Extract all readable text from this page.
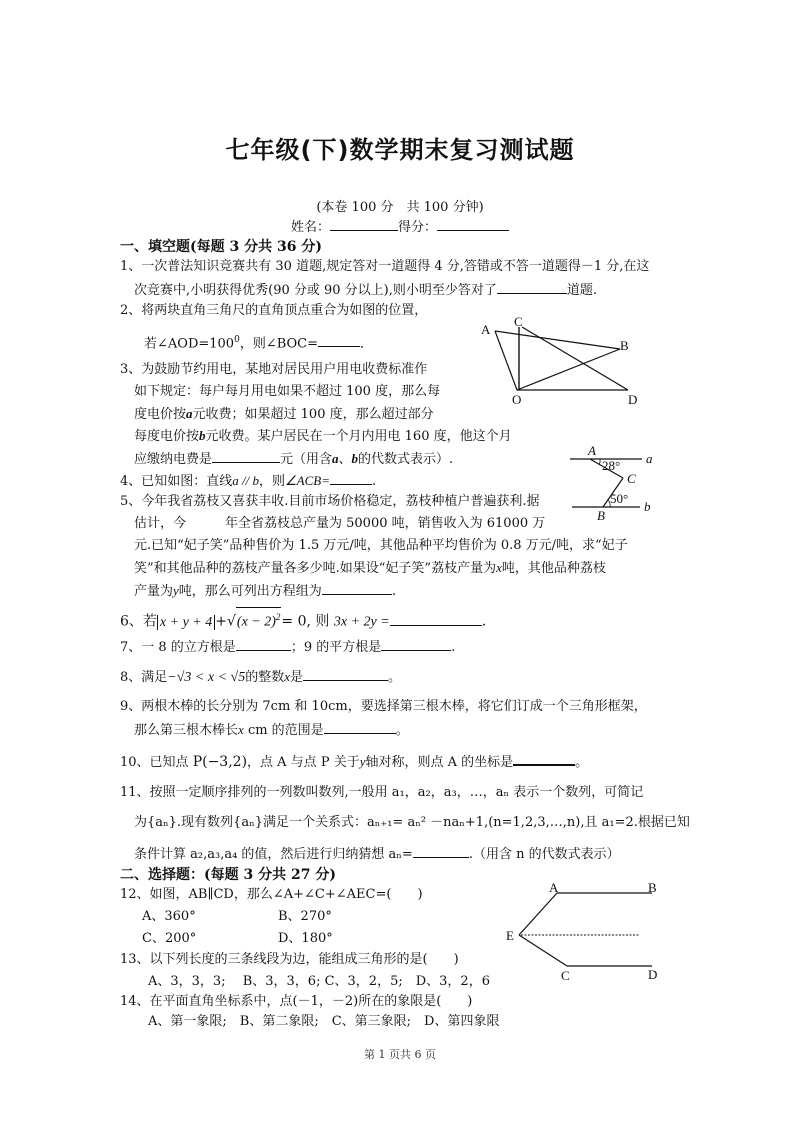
七年级(下)数学期末复习测试题
(本卷 100 分　共 100 分钟)
姓名：	得分：
一、填空题(每题 3 分共 36 分)
1、一次普法知识竞赛共有 30 道题,规定答对一道题得 4 分,答错或不答一道题得－1 分,在这
次竞赛中,小明获得优秀(90 分或 90 分以上),则小明至少答对了	道题.
2、将两块直角三角尺的直角顶点重合为如图的位置，
若$\angle AOD=100^0$，则∠BOC=	．
A
C
B
O	D
3、为鼓励节约用电，某地对居民用户用电收费标准作
如下规定：每户每月用电如果不超过 100 度，那么每
度电价按a元收费；如果超过 100 度，那么超过部分
每度电价按b元收费。某户居民在一个月内用电 160 度，他这个月
应缴纳电费是	元（用含a、b的代数式表示）.
4、已知如图：直线a // b，则∠ACB=	.
A
28° a
C
50°
b
B
5、今年我省荔枝又喜获丰收.目前市场价格稳定，荔枝种植户普遍获利.据
估计，今　　　年全省荔枝总产量为 50000 吨，销售收入为 61000 万
元.已知“妃子笑”品种售价为 1.5 万元/吨，其他品种平均售价为 0.8 万元/吨，求“妃子
笑”和其他品种的荔枝产量各多少吨.如果设“妃子笑”荔枝产量为x吨，其他品种荔枝
产量为y吨，那么可列出方程组为	.
6、若 $x + y + 4 +√(x - 2)^2= 0$, 则 3x + 2y =	.
7、一 8 的立方根是	；9 的平方根是	.
8、满足−√3 < x < √5的整数x是	。
9、两根木棒的长分别为 7cm 和 10cm，要选择第三根木棒，将它们订成一个三角形框架，
那么第三根木棒长x cm 的范围是	。
10、已知点 P(−3,2)，点 A 与点 P 关于y轴对称，则点 A 的坐标是	。
11、按照一定顺序排列的一列数叫数列,一般用 a₁，a₂，a₃，…，aₙ 表示一个数列，可简记
为{aₙ}.现有数列{aₙ}满足一个关系式：aₙ₊₁= aₙ² －naₙ+1,(n=1,2,3,…,n),且 a₁=2.根据已知
条件计算 a₂,a₃,a₄ 的值，然后进行归纳猜想 aₙ=	.（用含 n 的代数式表示）
二、选择题：(每题 3 分共 27 分)
12、如图，AB∥CD，那么∠A+∠C+∠AEC=(　　)
A、360°	B、270°
C、200°	D、180°
A	B
E
C	D
13、以下列长度的三条线段为边，能组成三角形的是(　　)
A、3，3，3;　 B、3，3，6; C、3，2，5;　D、3，2，6
14、在平面直角坐标系中，点(－1，－2)所在的象限是(　　)
A、第一象限;　B、第二象限;　C、第三象限;　D、第四象限
第 1 页共 6 页
